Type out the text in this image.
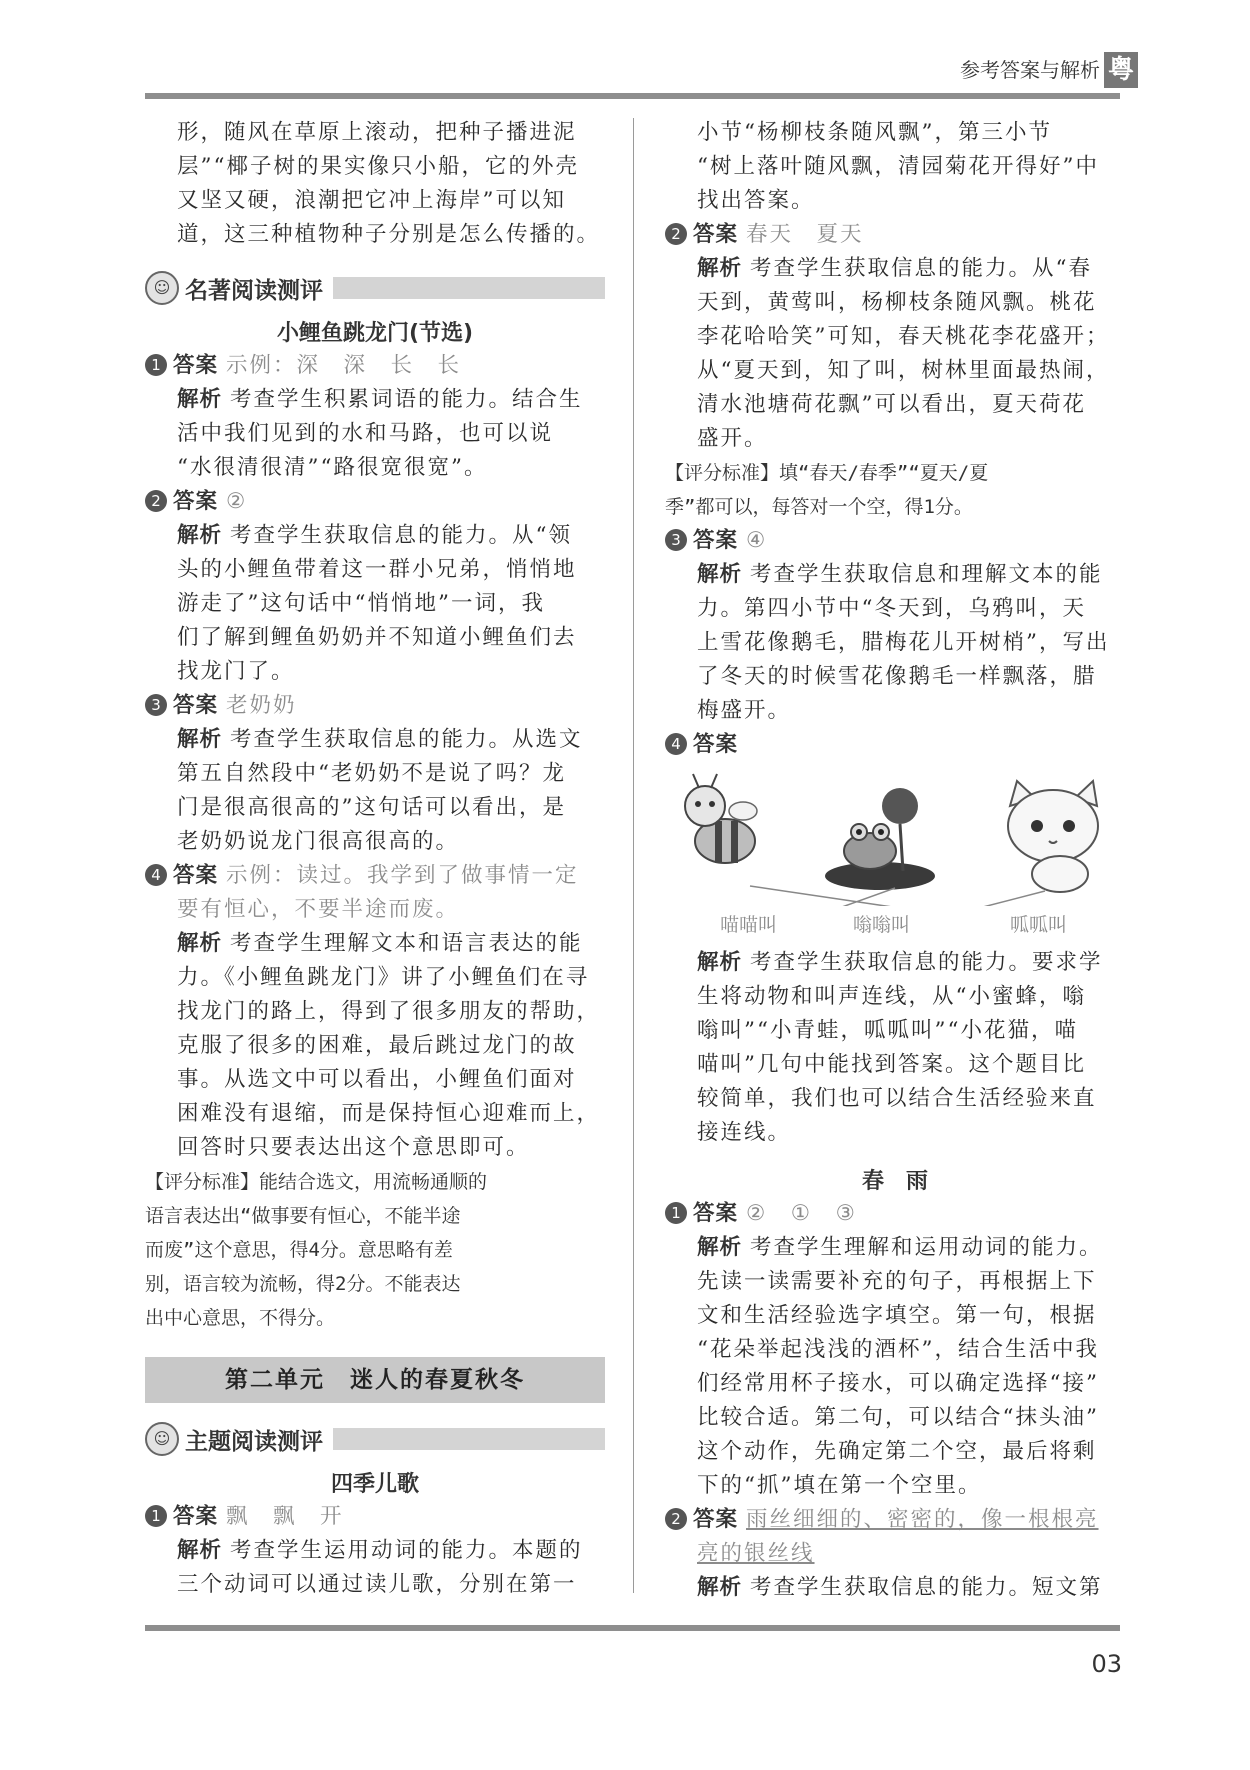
参考答案与解析 粤

形，随风在草原上滚动，把种子播进泥

层”“椰子树的果实像只小船，它的外壳

又坚又硬，浪潮把它冲上海岸”可以知

道，这三种植物种子分别是怎么传播的。

☺ 名著阅读测评
小鲤鱼跳龙门(节选)

1 答案 示例：深　深　长　长

解析 考查学生积累词语的能力。结合生

活中我们见到的水和马路，也可以说

“水很清很清”“路很宽很宽”。

2 答案 ②

解析 考查学生获取信息的能力。从“领

头的小鲤鱼带着这一群小兄弟，悄悄地

游走了”这句话中“悄悄地”一词，我

们了解到鲤鱼奶奶并不知道小鲤鱼们去

找龙门了。

3 答案 老奶奶

解析 考查学生获取信息的能力。从选文

第五自然段中“老奶奶不是说了吗？龙

门是很高很高的”这句话可以看出，是

老奶奶说龙门很高很高的。

4 答案 示例：读过。我学到了做事情一定

要有恒心，不要半途而废。

解析 考查学生理解文本和语言表达的能

力。《小鲤鱼跳龙门》讲了小鲤鱼们在寻

找龙门的路上，得到了很多朋友的帮助，

克服了很多的困难，最后跳过龙门的故

事。从选文中可以看出，小鲤鱼们面对

困难没有退缩，而是保持恒心迎难而上，

回答时只要表达出这个意思即可。

【评分标准】能结合选文，用流畅通顺的

语言表达出“做事要有恒心，不能半途

而废”这个意思，得4分。意思略有差

别，语言较为流畅，得2分。不能表达

出中心意思，不得分。

第二单元　迷人的春夏秋冬
☺ 主题阅读测评
四季儿歌

1 答案 飘　飘　开

解析 考查学生运用动词的能力。本题的

三个动词可以通过读儿歌，分别在第一

小节“杨柳枝条随风飘”，第三小节

“树上落叶随风飘，清园菊花开得好”中

找出答案。

2 答案 春天　夏天

解析 考查学生获取信息的能力。从“春

天到，黄莺叫，杨柳枝条随风飘。桃花

李花哈哈笑”可知，春天桃花李花盛开；

从“夏天到，知了叫，树林里面最热闹，

清水池塘荷花飘”可以看出，夏天荷花

盛开。

【评分标准】填“春天/春季”“夏天/夏

季”都可以，每答对一个空，得1分。

3 答案 ④

解析 考查学生获取信息和理解文本的能

力。第四小节中“冬天到，乌鸦叫，天

上雪花像鹅毛，腊梅花儿开树梢”，写出

了冬天的时候雪花像鹅毛一样飘落，腊

梅盛开。

4 答案

喵喵叫	嗡嗡叫	呱呱叫

解析 考查学生获取信息的能力。要求学

生将动物和叫声连线，从“小蜜蜂，嗡

嗡叫”“小青蛙，呱呱叫”“小花猫，喵

喵叫”几句中能找到答案。这个题目比

较简单，我们也可以结合生活经验来直

接连线。

春　雨

1 答案 ②　①　③

解析 考查学生理解和运用动词的能力。

先读一读需要补充的句子，再根据上下

文和生活经验选字填空。第一句，根据

“花朵举起浅浅的酒杯”，结合生活中我

们经常用杯子接水，可以确定选择“接”

比较合适。第二句，可以结合“抹头油”

这个动作，先确定第二个空，最后将剩

下的“抓”填在第一个空里。

2 答案 雨丝细细的、密密的，像一根根亮

亮的银丝线

解析 考查学生获取信息的能力。短文第

03
